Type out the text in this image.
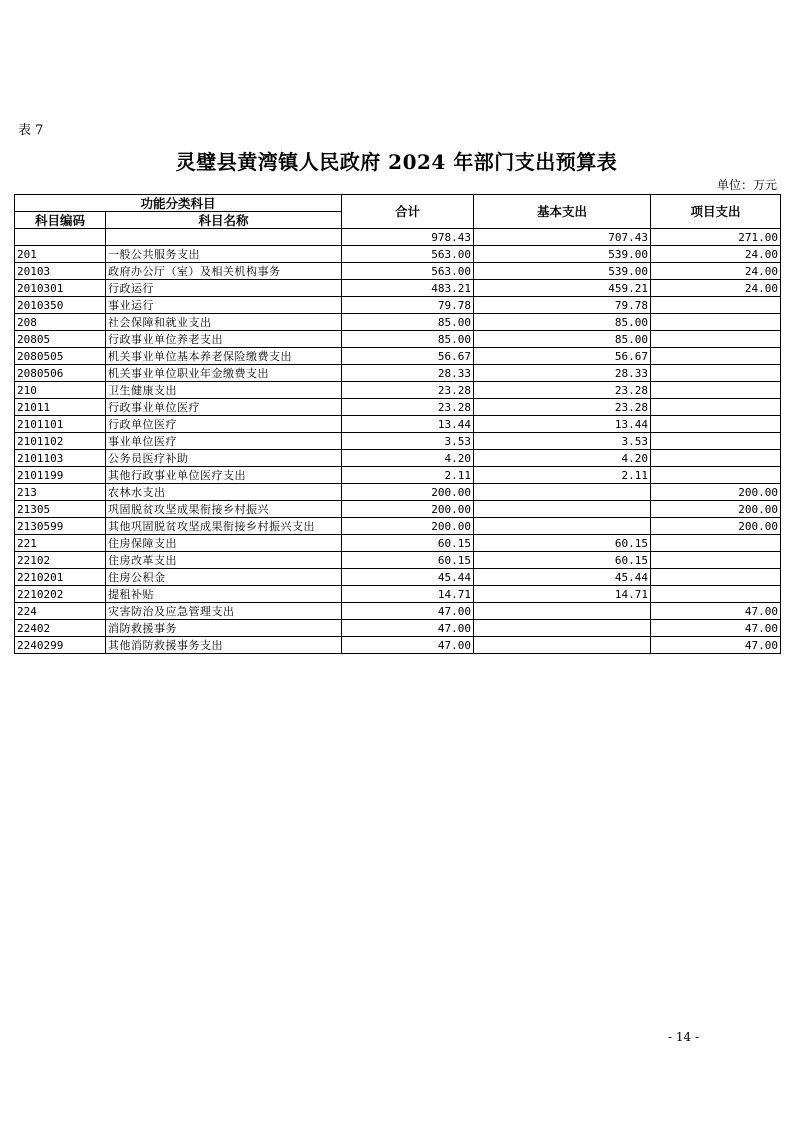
表 7
灵璧县黄湾镇人民政府 2024 年部门支出预算表
单位：万元
功能分类科目		合计	基本支出	项目支出
科目编码	科目名称			
		978.43	707.43	271.00
201	一般公共服务支出	563.00	539.00	24.00
20103	政府办公厅（室）及相关机构事务	563.00	539.00	24.00
2010301	行政运行	483.21	459.21	24.00
2010350	事业运行	79.78	79.78	
208	社会保障和就业支出	85.00	85.00	
20805	行政事业单位养老支出	85.00	85.00	
2080505	机关事业单位基本养老保险缴费支出	56.67	56.67	
2080506	机关事业单位职业年金缴费支出	28.33	28.33	
210	卫生健康支出	23.28	23.28	
21011	行政事业单位医疗	23.28	23.28	
2101101	行政单位医疗	13.44	13.44	
2101102	事业单位医疗	3.53	3.53	
2101103	公务员医疗补助	4.20	4.20	
2101199	其他行政事业单位医疗支出	2.11	2.11	
213	农林水支出	200.00		200.00
21305	巩固脱贫攻坚成果衔接乡村振兴	200.00		200.00
2130599	其他巩固脱贫攻坚成果衔接乡村振兴支出	200.00		200.00
221	住房保障支出	60.15	60.15	
22102	住房改革支出	60.15	60.15	
2210201	住房公积金	45.44	45.44	
2210202	提租补贴	14.71	14.71	
224	灾害防治及应急管理支出	47.00		47.00
22402	消防救援事务	47.00		47.00
2240299	其他消防救援事务支出	47.00		47.00
- 14 -
